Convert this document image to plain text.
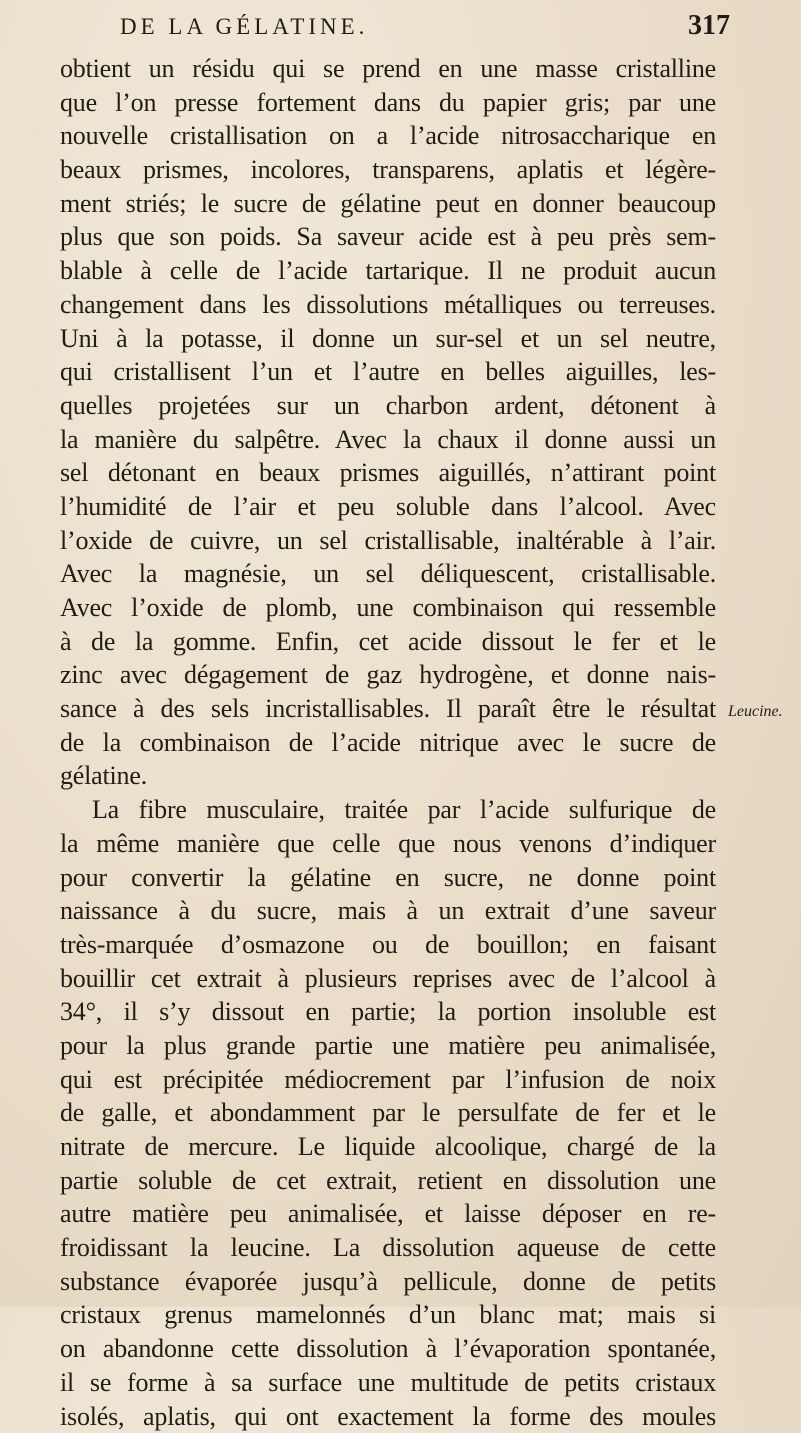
DE LA GÉLATINE.	317
obtient un résidu qui se prend en une masse cristalline
que l’on presse fortement dans du papier gris; par une
nouvelle cristallisation on a l’acide nitrosaccharique en
beaux prismes, incolores, transparens, aplatis et légère-
ment striés; le sucre de gélatine peut en donner beaucoup
plus que son poids. Sa saveur acide est à peu près sem-
blable à celle de l’acide tartarique. Il ne produit aucun
changement dans les dissolutions métalliques ou terreuses.
Uni à la potasse, il donne un sur-sel et un sel neutre,
qui cristallisent l’un et l’autre en belles aiguilles, les-
quelles projetées sur un charbon ardent, détonent à
la manière du salpêtre. Avec la chaux il donne aussi un
sel détonant en beaux prismes aiguillés, n’attirant point
l’humidité de l’air et peu soluble dans l’alcool. Avec
l’oxide de cuivre, un sel cristallisable, inaltérable à l’air.
Avec la magnésie, un sel déliquescent, cristallisable.
Avec l’oxide de plomb, une combinaison qui ressemble
à de la gomme. Enfin, cet acide dissout le fer et le
zinc avec dégagement de gaz hydrogène, et donne nais-
sance à des sels incristallisables. Il paraît être le résultat
de la combinaison de l’acide nitrique avec le sucre de
gélatine.
La fibre musculaire, traitée par l’acide sulfurique de
la même manière que celle que nous venons d’indiquer
pour convertir la gélatine en sucre, ne donne point
naissance à du sucre, mais à un extrait d’une saveur
très-marquée d’osmazone ou de bouillon; en faisant
bouillir cet extrait à plusieurs reprises avec de l’alcool à
34°, il s’y dissout en partie; la portion insoluble est
pour la plus grande partie une matière peu animalisée,
qui est précipitée médiocrement par l’infusion de noix
de galle, et abondamment par le persulfate de fer et le
nitrate de mercure. Le liquide alcoolique, chargé de la
partie soluble de cet extrait, retient en dissolution une
autre matière peu animalisée, et laisse déposer en re-
froidissant la leucine. La dissolution aqueuse de cette
substance évaporée jusqu’à pellicule, donne de petits
cristaux grenus mamelonnés d’un blanc mat; mais si
on abandonne cette dissolution à l’évaporation spontanée,
il se forme à sa surface une multitude de petits cristaux
isolés, aplatis, qui ont exactement la forme des moules
Leucine.
